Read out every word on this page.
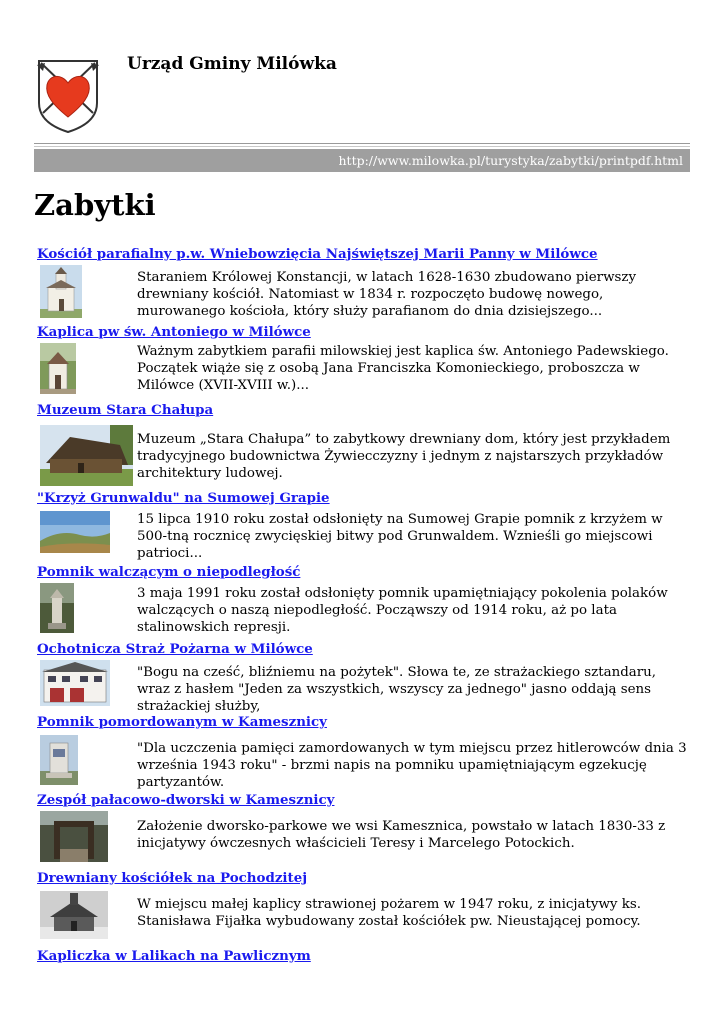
Urząd Gminy Milówka
http://www.milowka.pl/turystyka/zabytki/printpdf.html
Zabytki
Kościół parafialny p.w. Wniebowzięcia Najświętszej Marii Panny w Milówce
Staraniem Królowej Konstancji, w latach 1628-1630 zbudowano pierwszy drewniany kościół. Natomiast w 1834 r. rozpoczęto budowę nowego, murowanego kościoła, który służy parafianom do dnia dzisiejszego...
Kaplica pw św. Antoniego w Milówce
Ważnym zabytkiem parafii milowskiej jest kaplica św. Antoniego Padewskiego. Początek wiąże się z osobą Jana Franciszka Komonieckiego, proboszcza w Milówce (XVII-XVIII w.)...
Muzeum Stara Chałupa
Muzeum „Stara Chałupa” to zabytkowy drewniany dom, który jest przykładem tradycyjnego budownictwa Żywiecczyzny i jednym z najstarszych przykładów architektury ludowej.
"Krzyż Grunwaldu" na Sumowej Grapie
15 lipca 1910 roku został odsłonięty na Sumowej Grapie pomnik z krzyżem w 500-tną rocznicę zwycięskiej bitwy pod Grunwaldem. Wznieśli go miejscowi patrioci...
Pomnik walczącym o niepodległość
3 maja 1991 roku został odsłonięty pomnik upamiętniający pokolenia polaków walczących o naszą niepodległość. Począwszy od 1914 roku, aż po lata stalinowskich represji.
Ochotnicza Straż Pożarna w Milówce
"Bogu na cześć, bliźniemu na pożytek". Słowa te, ze strażackiego sztandaru, wraz z hasłem "Jeden za wszystkich, wszyscy za jednego" jasno oddają sens strażackiej służby,
Pomnik pomordowanym w Kamesznicy
"Dla uczczenia pamięci zamordowanych w tym miejscu przez hitlerowców dnia 3 września 1943 roku" - brzmi napis na pomniku upamiętniającym egzekucję partyzantów.
Zespół pałacowo-dworski w Kamesznicy
Założenie dworsko-parkowe we wsi Kamesznica, powstało w latach 1830-33 z inicjatywy ówczesnych właścicieli Teresy i Marcelego Potockich.
Drewniany kościółek na Pochodzitej
W miejscu małej kaplicy strawionej pożarem w 1947 roku, z inicjatywy ks. Stanisława Fijałka wybudowany został kościółek pw. Nieustającej pomocy.
Kapliczka w Lalikach na Pawlicznym
